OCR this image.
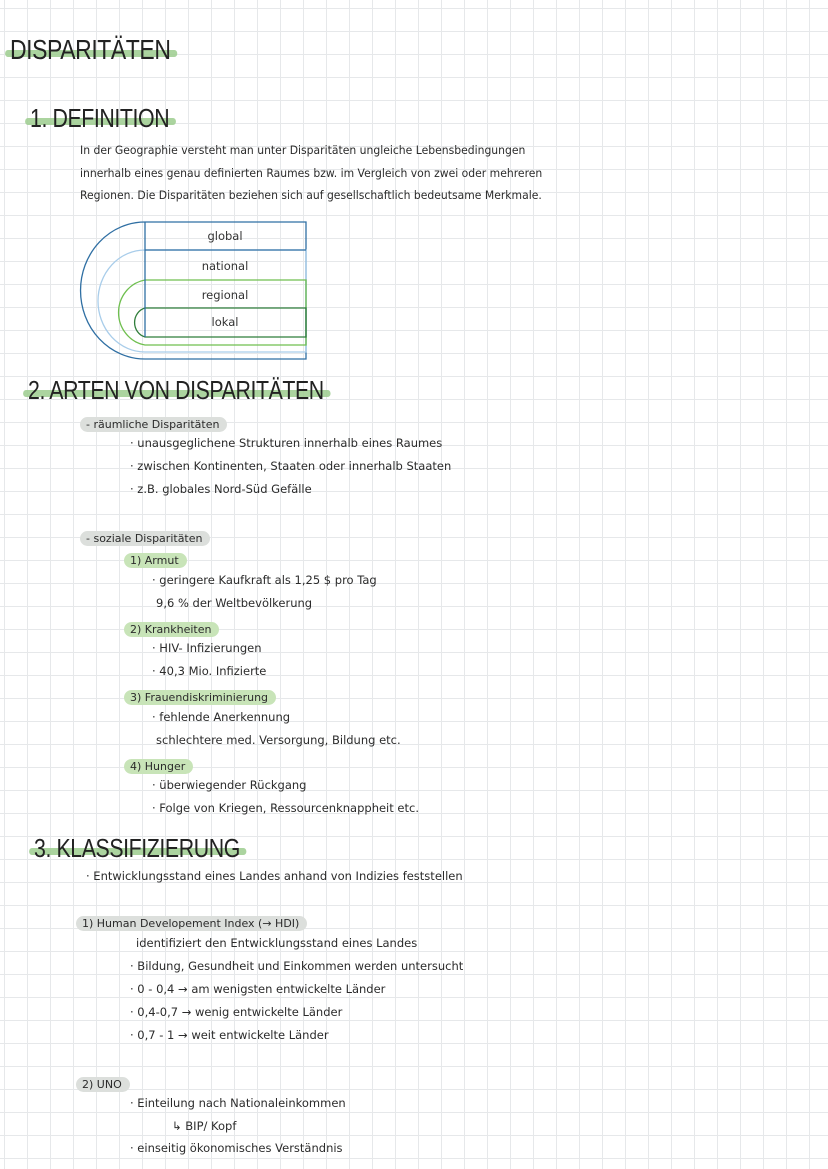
DISPARITÄTEN
1. DEFINITION
In der Geographie versteht man unter Disparitäten ungleiche Lebensbedingungen
innerhalb eines genau definierten Raumes bzw. im Vergleich von zwei oder mehreren
Regionen. Die Disparitäten beziehen sich auf gesellschaftlich bedeutsame Merkmale.
global
national
regional
lokal
2. ARTEN VON DISPARITÄTEN
- räumliche Disparitäten
· unausgeglichene Strukturen innerhalb eines Raumes
· zwischen Kontinenten, Staaten oder innerhalb Staaten
· z.B. globales Nord-Süd Gefälle
- soziale Disparitäten
1) Armut
· geringere Kaufkraft als 1,25 $ pro Tag
9,6 % der Weltbevölkerung
2) Krankheiten
· HIV- Infizierungen
· 40,3 Mio. Infizierte
3) Frauendiskriminierung
· fehlende Anerkennung
schlechtere med. Versorgung, Bildung etc.
4) Hunger
· überwiegender Rückgang
· Folge von Kriegen, Ressourcenknappheit etc.
3. KLASSIFIZIERUNG
· Entwicklungsstand eines Landes anhand von Indizies feststellen
1) Human Developement Index (→ HDI)
identifiziert den Entwicklungsstand eines Landes
· Bildung, Gesundheit und Einkommen werden untersucht
· 0 - 0,4 → am wenigsten entwickelte Länder
· 0,4-0,7 → wenig entwickelte Länder
· 0,7 - 1 → weit entwickelte Länder
2) UNO
· Einteilung nach Nationaleinkommen
↳ BIP/ Kopf
· einseitig ökonomisches Verständnis
